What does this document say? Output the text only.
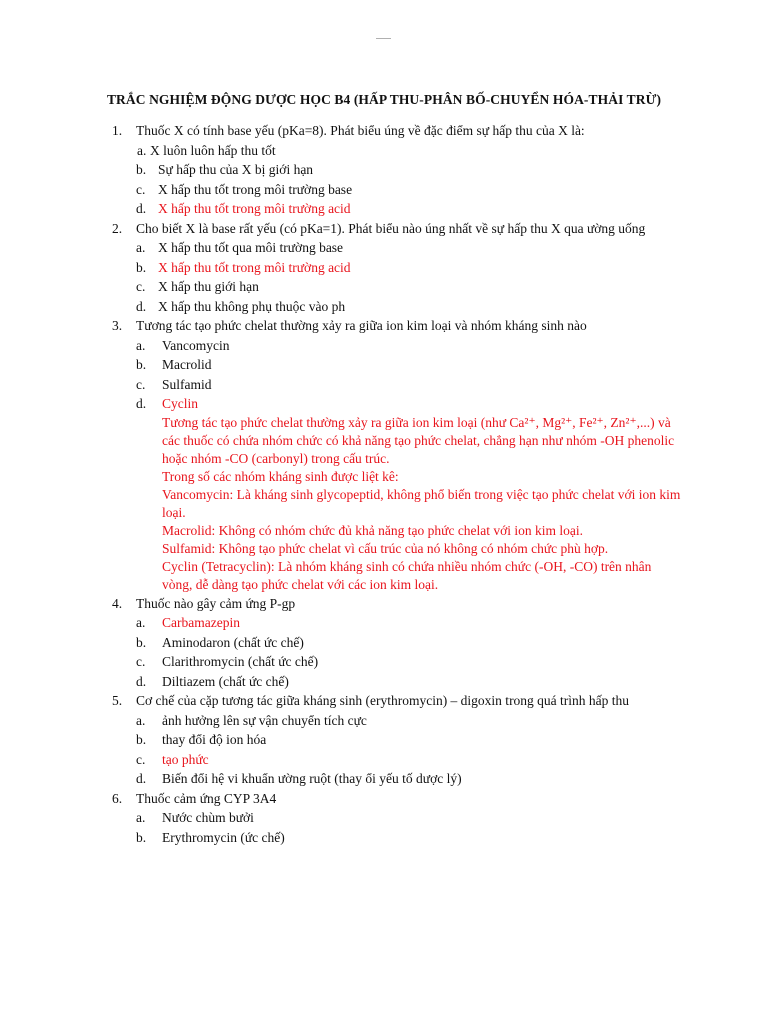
TRẮC NGHIỆM ĐỘNG DƯỢC HỌC B4 (HẤP THU-PHÂN BỐ-CHUYỂN HÓA-THẢI TRỪ)
1. Thuốc X có tính base yếu (pKa=8). Phát biểu úng về đặc điểm sự hấp thu của X là:
a. X luôn luôn hấp thu tốt
b. Sự hấp thu của X bị giới hạn
c. X hấp thu tốt trong môi trường base
d. X hấp thu tốt trong môi trường acid
2. Cho biết X là base rất yếu (có pKa=1). Phát biểu nào úng nhất về sự hấp thu X qua ường uống
a. X hấp thu tốt qua môi trường base
b. X hấp thu tốt trong môi trường acid
c. X hấp thu giới hạn
d. X hấp thu không phụ thuộc vào ph
3. Tương tác tạo phức chelat thường xảy ra giữa ion kim loại và nhóm kháng sinh nào
a. Vancomycin
b. Macrolid
c. Sulfamid
d. Cyclin

Tương tác tạo phức chelat thường xảy ra giữa ion kim loại (như Ca²⁺, Mg²⁺, Fe²⁺, Zn²⁺,...) và các thuốc có chứa nhóm chức có khả năng tạo phức chelat, chẳng hạn như nhóm -OH phenolic hoặc nhóm -CO (carbonyl) trong cấu trúc.

Trong số các nhóm kháng sinh được liệt kê:

Vancomycin: Là kháng sinh glycopeptid, không phổ biến trong việc tạo phức chelat với ion kim loại.

Macrolid: Không có nhóm chức đủ khả năng tạo phức chelat với ion kim loại.

Sulfamid: Không tạo phức chelat vì cấu trúc của nó không có nhóm chức phù hợp.

Cyclin (Tetracyclin): Là nhóm kháng sinh có chứa nhiều nhóm chức (-OH, -CO) trên nhân vòng, dễ dàng tạo phức chelat với các ion kim loại.

4. Thuốc nào gây cảm ứng P-gp
a. Carbamazepin
b. Aminodaron (chất ức chế)
c. Clarithromycin (chất ức chế)
d. Diltiazem (chất ức chế)
5. Cơ chế của cặp tương tác giữa kháng sinh (erythromycin) – digoxin trong quá trình hấp thu
a. ảnh hưởng lên sự vận chuyển tích cực
b. thay đổi độ ion hóa
c. tạo phức
d. Biến đổi hệ vi khuẩn ường ruột (thay ổi yếu tố dược lý)
6. Thuốc cảm ứng CYP 3A4
a. Nước chùm bưởi
b. Erythromycin (ức chế)
